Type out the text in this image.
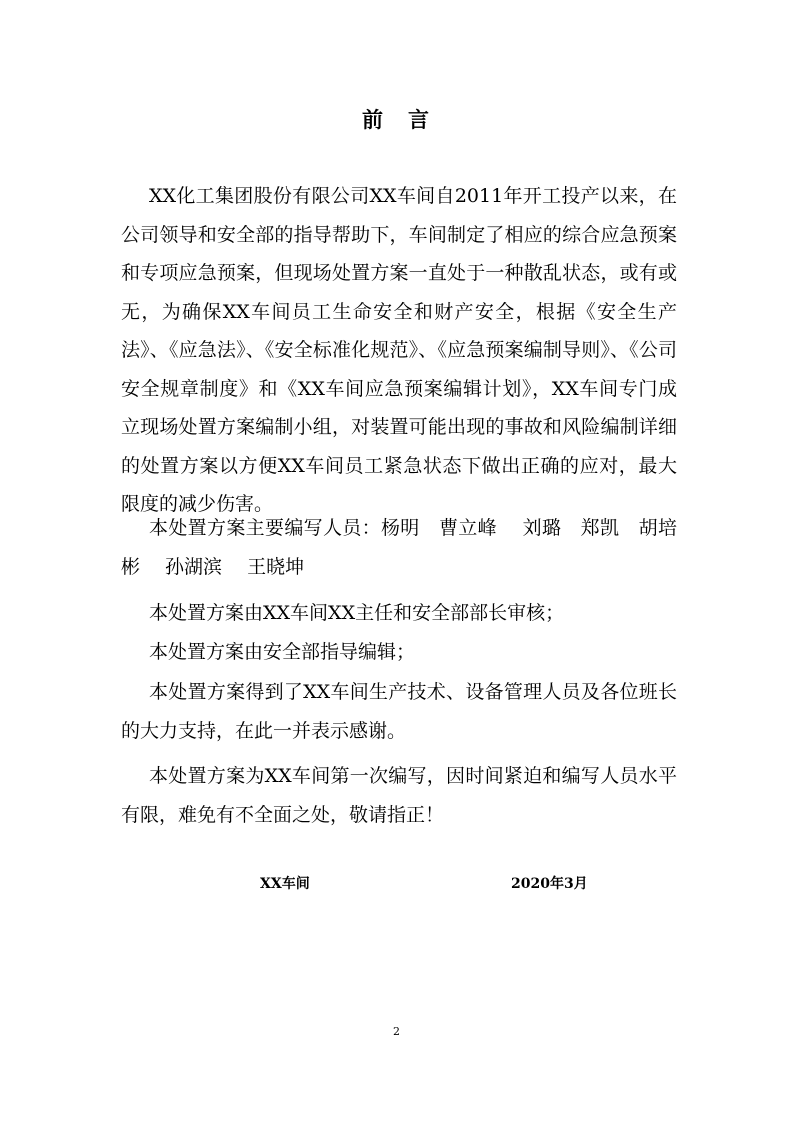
前　言
XX化工集团股份有限公司XX车间自2011年开工投产以来，在公司领导和安全部的指导帮助下，车间制定了相应的综合应急预案和专项应急预案，但现场处置方案一直处于一种散乱状态，或有或无，为确保XX车间员工生命安全和财产安全，根据《安全生产法》、《应急法》、《安全标准化规范》、《应急预案编制导则》、《公司安全规章制度》和《XX车间应急预案编辑计划》，XX车间专门成立现场处置方案编制小组，对装置可能出现的事故和风险编制详细的处置方案以方便XX车间员工紧急状态下做出正确的应对，最大限度的减少伤害。
本处置方案主要编写人员：杨明　曹立峰　 刘璐　郑凯　胡培彬　 孙湖滨　 王晓坤
本处置方案由XX车间XX主任和安全部部长审核；
本处置方案由安全部指导编辑；
本处置方案得到了XX车间生产技术、设备管理人员及各位班长的大力支持，在此一并表示感谢。
本处置方案为XX车间第一次编写，因时间紧迫和编写人员水平有限，难免有不全面之处，敬请指正！
XX车间	2020年3月
2
